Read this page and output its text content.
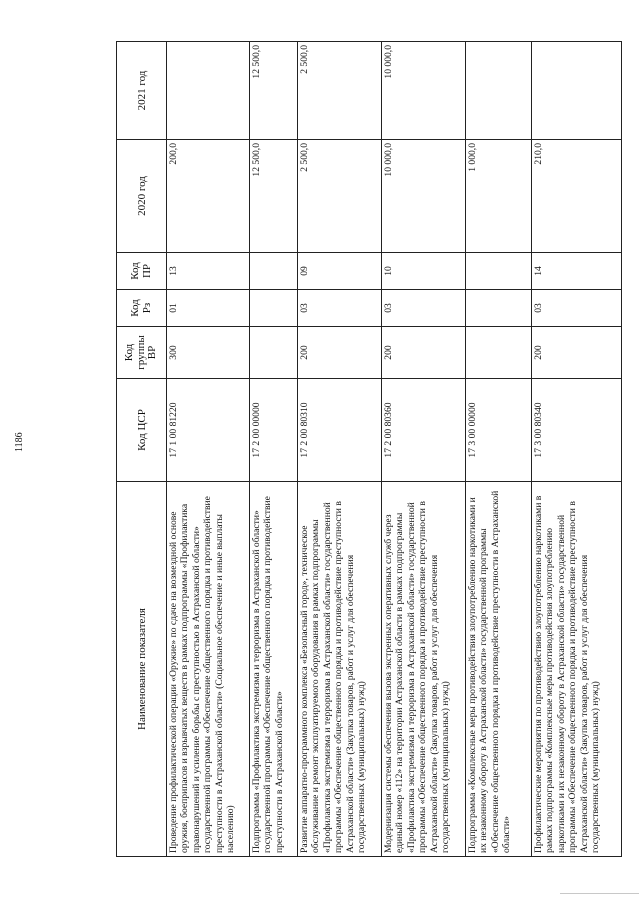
1186
Наименование показателя	Код ЦСР	Код группы ВР	Код Рз	Код ПР	2020 год	2021 год
Проведение профилактической операции «Оружие» по сдаче на возмездной основе оружия, боеприпасов и взрывчатых веществ в рамках подпрограммы «Профилактика правонарушений и усиление борьбы с преступностью в Астраханской области» государственной программы «Обеспечение общественного порядка и противодействие преступности в Астраханской области» (Социальное обеспечение и иные выплаты населению)	17 1 00 81220	300	01	13	200,0	
Подпрограмма «Профилактика экстремизма и терроризма в Астраханской области» государственной программы «Обеспечение общественного порядка и противодействие преступности в Астраханской области»	17 2 00 00000				12 500,0	12 500,0
Развитие аппаратно-программного комплекса «Безопасный город», техническое обслуживание и ремонт эксплуатируемого оборудования в рамках подпрограммы «Профилактика экстремизма и терроризма в Астраханской области» государственной программы «Обеспечение общественного порядка и противодействие преступности в Астраханской области» (Закупка товаров, работ и услуг для обеспечения государственных (муниципальных) нужд)	17 2 00 80310	200	03	09	2 500,0	2 500,0
Модернизация системы обеспечения вызова экстренных оперативных служб через единый номер «112» на территории Астраханской области в рамках подпрограммы «Профилактика экстремизма и терроризма в Астраханской области» государственной программы «Обеспечение общественного порядка и противодействие преступности в Астраханской области» (Закупка товаров, работ и услуг для обеспечения государственных (муниципальных) нужд)	17 2 00 80360	200	03	10	10 000,0	10 000,0
Подпрограмма «Комплексные меры противодействия злоупотреблению наркотиками и их незаконному обороту в Астраханской области» государственной программы «Обеспечение общественного порядка и противодействие преступности в Астраханской области»	17 3 00 00000				1 000,0	
Профилактические мероприятия по противодействию злоупотреблению наркотиками в рамках подпрограммы «Комплексные меры противодействия злоупотреблению наркотиками и их незаконному обороту в Астраханской области» государственной программы «Обеспечение общественного порядка и противодействие преступности в Астраханской области» (Закупка товаров, работ и услуг для обеспечения государственных (муниципальных) нужд)	17 3 00 80340	200	03	14	210,0	
